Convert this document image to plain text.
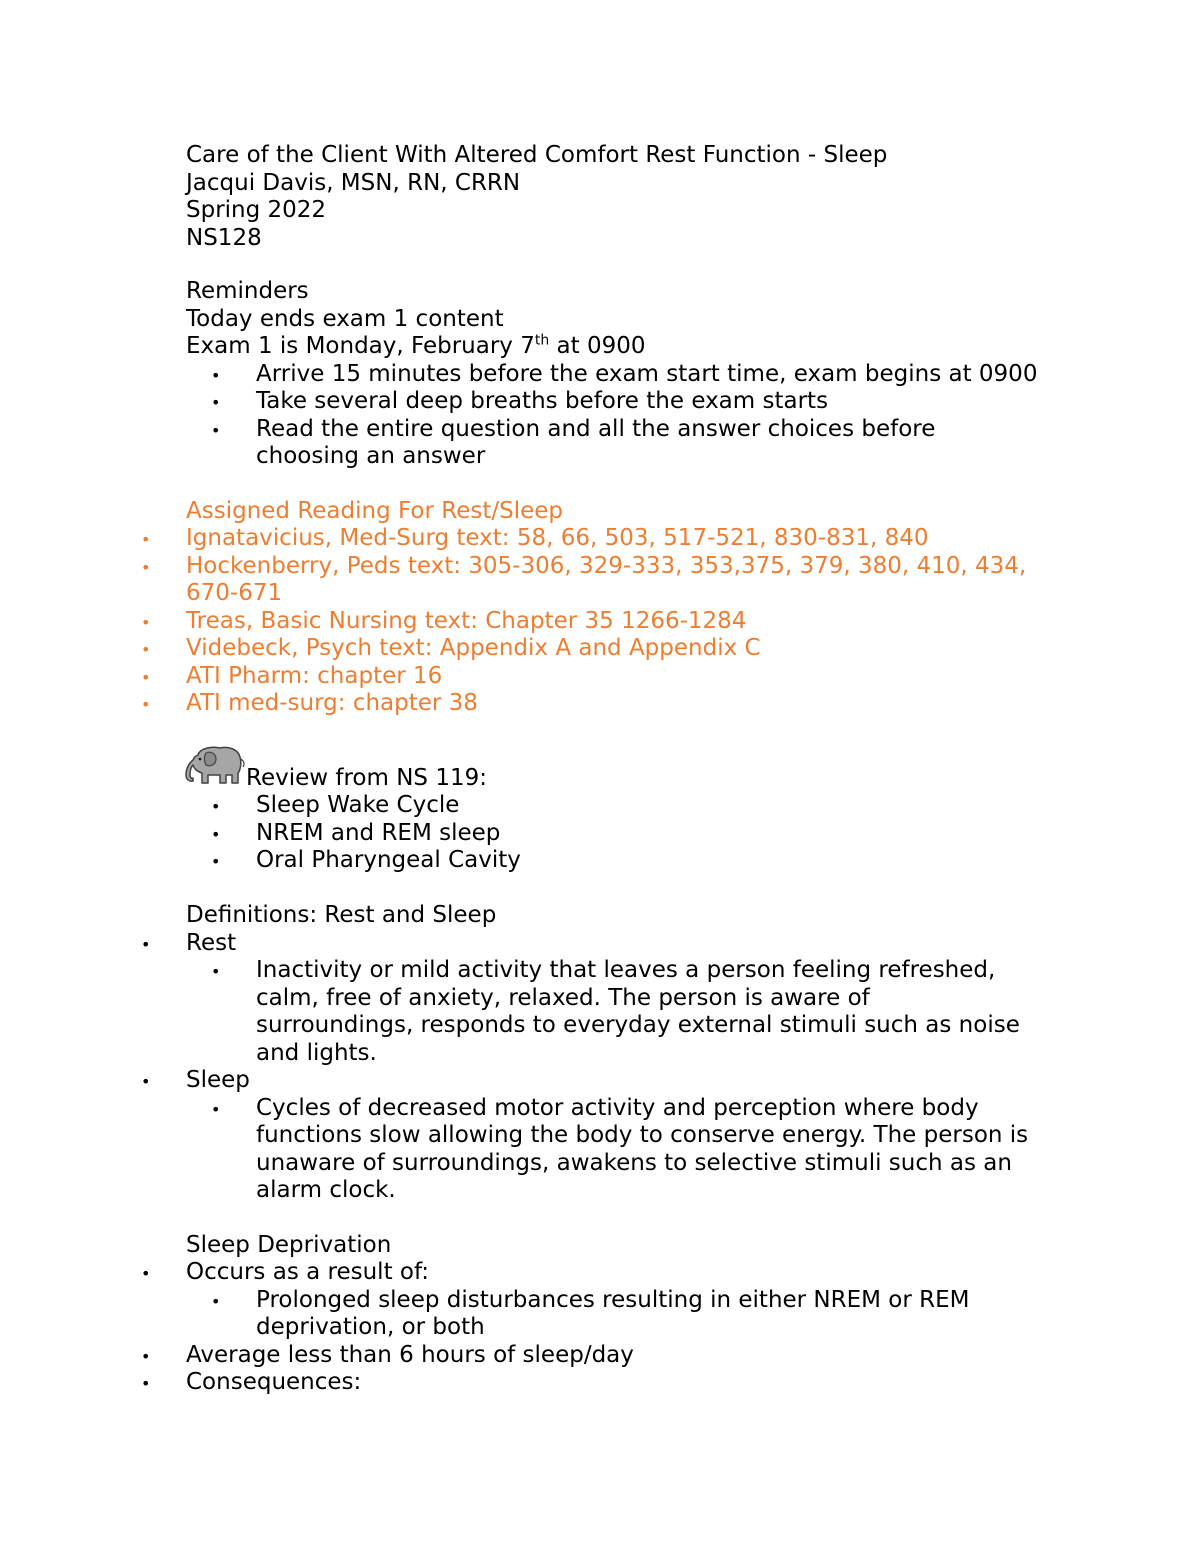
Care of the Client With Altered Comfort Rest Function - Sleep
Jacqui Davis, MSN, RN, CRRN
Spring 2022
NS128
Reminders
Today ends exam 1 content
Exam 1 is Monday, February 7th at 0900
• Arrive 15 minutes before the exam start time, exam begins at 0900
• Take several deep breaths before the exam starts
• Read the entire question and all the answer choices before
choosing an answer
Assigned Reading For Rest/Sleep
• Ignatavicius, Med-Surg text: 58, 66, 503, 517-521, 830-831, 840
• Hockenberry, Peds text: 305-306, 329-333, 353,375, 379, 380, 410, 434,
670-671
• Treas, Basic Nursing text: Chapter 35 1266-1284
• Videbeck, Psych text: Appendix A and Appendix C
• ATI Pharm: chapter 16
• ATI med-surg: chapter 38
Review from NS 119:
• Sleep Wake Cycle
• NREM and REM sleep
• Oral Pharyngeal Cavity
Definitions: Rest and Sleep
• Rest
• Inactivity or mild activity that leaves a person feeling refreshed,
calm, free of anxiety, relaxed. The person is aware of
surroundings, responds to everyday external stimuli such as noise
and lights.
• Sleep
• Cycles of decreased motor activity and perception where body
functions slow allowing the body to conserve energy. The person is
unaware of surroundings, awakens to selective stimuli such as an
alarm clock.
Sleep Deprivation
• Occurs as a result of:
• Prolonged sleep disturbances resulting in either NREM or REM
deprivation, or both
• Average less than 6 hours of sleep/day
• Consequences:
